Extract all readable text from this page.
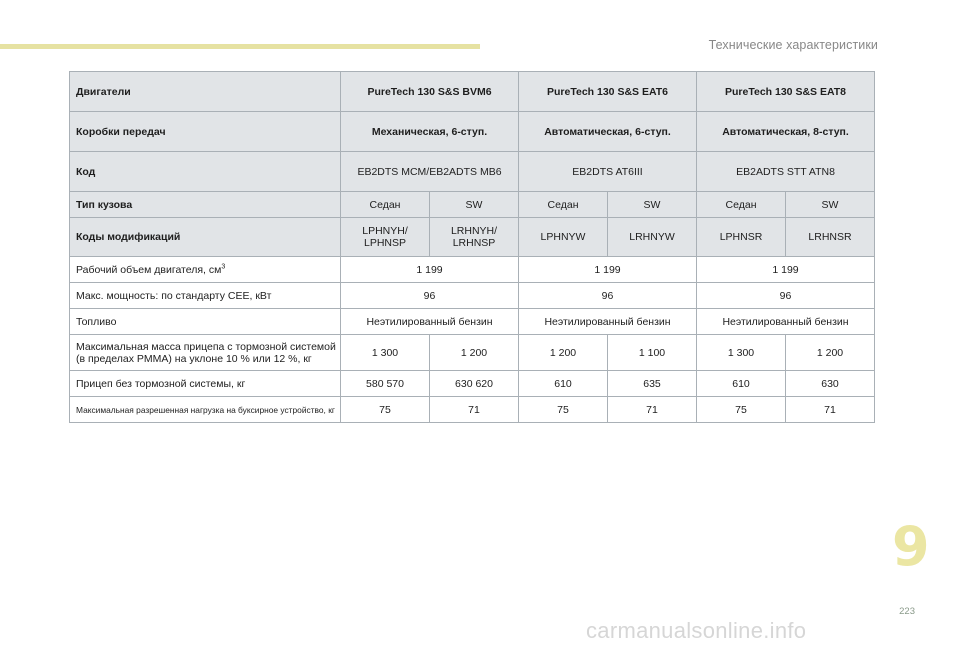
Технические характеристики
Двигатели	PureTech 130 S&S BVM6		PureTech 130 S&S EAT6		PureTech 130 S&S EAT8	
Коробки передач	Механическая, 6-ступ.		Автоматическая, 6-ступ.		Автоматическая, 8-ступ.	
Код	EB2DTS MCM/EB2ADTS MB6		EB2DTS AT6III		EB2ADTS STT ATN8	
Тип кузова	Седан	SW	Седан	SW	Седан	SW
Коды модификаций	LPHNYH/ LPHNSP	LRHNYH/ LRHNSP	LPHNYW	LRHNYW	LPHNSR	LRHNSR
Рабочий объем двигателя, $см^3$	1 199		1 199		1 199	
Макс. мощность: по стандарту CEE, кВт	96		96		96	
Топливо	Неэтилированный бензин		Неэтилированный бензин		Неэтилированный бензин	
Максимальная масса прицепа с тормозной системой
(в пределах PMMA) на уклоне 10 % или 12 %, кг	1 300	1 200	1 200	1 100	1 300	1 200
Прицеп без тормозной системы, кг	580 570	630 620	610	635	610	630
Максимальная разрешенная нагрузка на буксирное устройство, кг	75	71	75	71	75	71
9
223
carmanualsonline.info
